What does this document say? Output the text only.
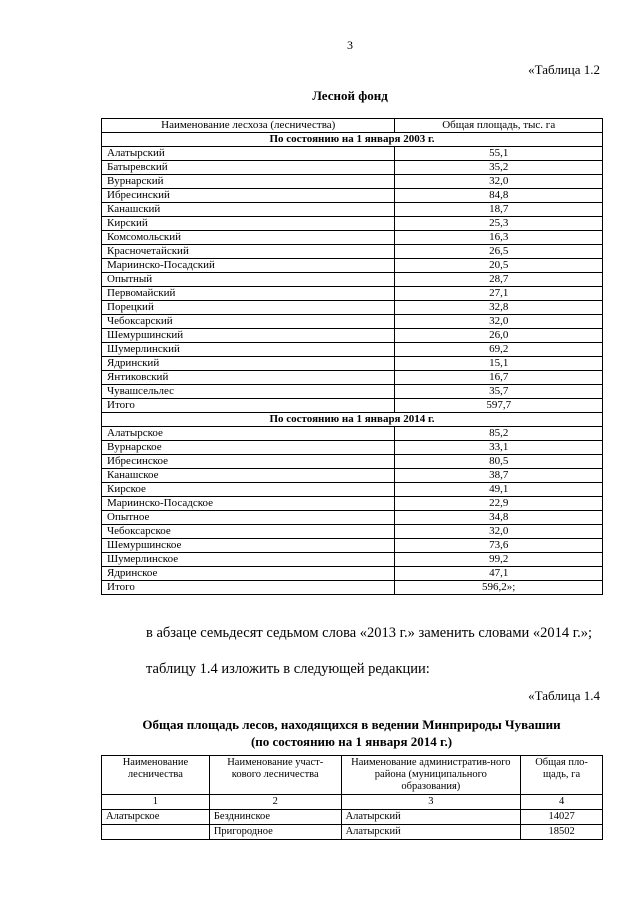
3
«Таблица 1.2
Лесной фонд
Наименование лесхоза (лесничества)	Общая площадь, тыс. га
По состоянию на 1 января 2003 г.	
Алатырский	55,1
Батыревский	35,2
Вурнарский	32,0
Ибресинский	84,8
Канашский	18,7
Кирский	25,3
Комсомольский	16,3
Красночетайский	26,5
Мариинско-Посадский	20,5
Опытный	28,7
Первомайский	27,1
Порецкий	32,8
Чебоксарский	32,0
Шемуршинский	26,0
Шумерлинский	69,2
Ядринский	15,1
Янтиковский	16,7
Чувашсельлес	35,7
Итого	597,7
По состоянию на 1 января 2014 г.	
Алатырское	85,2
Вурнарское	33,1
Ибресинское	80,5
Канашское	38,7
Кирское	49,1
Мариинско-Посадское	22,9
Опытное	34,8
Чебоксарское	32,0
Шемуршинское	73,6
Шумерлинское	99,2
Ядринское	47,1
Итого	596,2»;
в абзаце семьдесят седьмом слова «2013 г.» заменить словами «2014 г.»;
таблицу 1.4 изложить в следующей редакции:
«Таблица 1.4
Общая площадь лесов, находящихся в ведении Минприроды Чувашии
(по состоянию на 1 января 2014 г.)
Наименование лесничества	Наименование участ-кового лесничества	Наименование административ-ного района (муниципального образования)	Общая пло-щадь, га
1	2	3	4
Алатырское	Безднинское	Алатырский	14027
	Пригородное	Алатырский	18502
